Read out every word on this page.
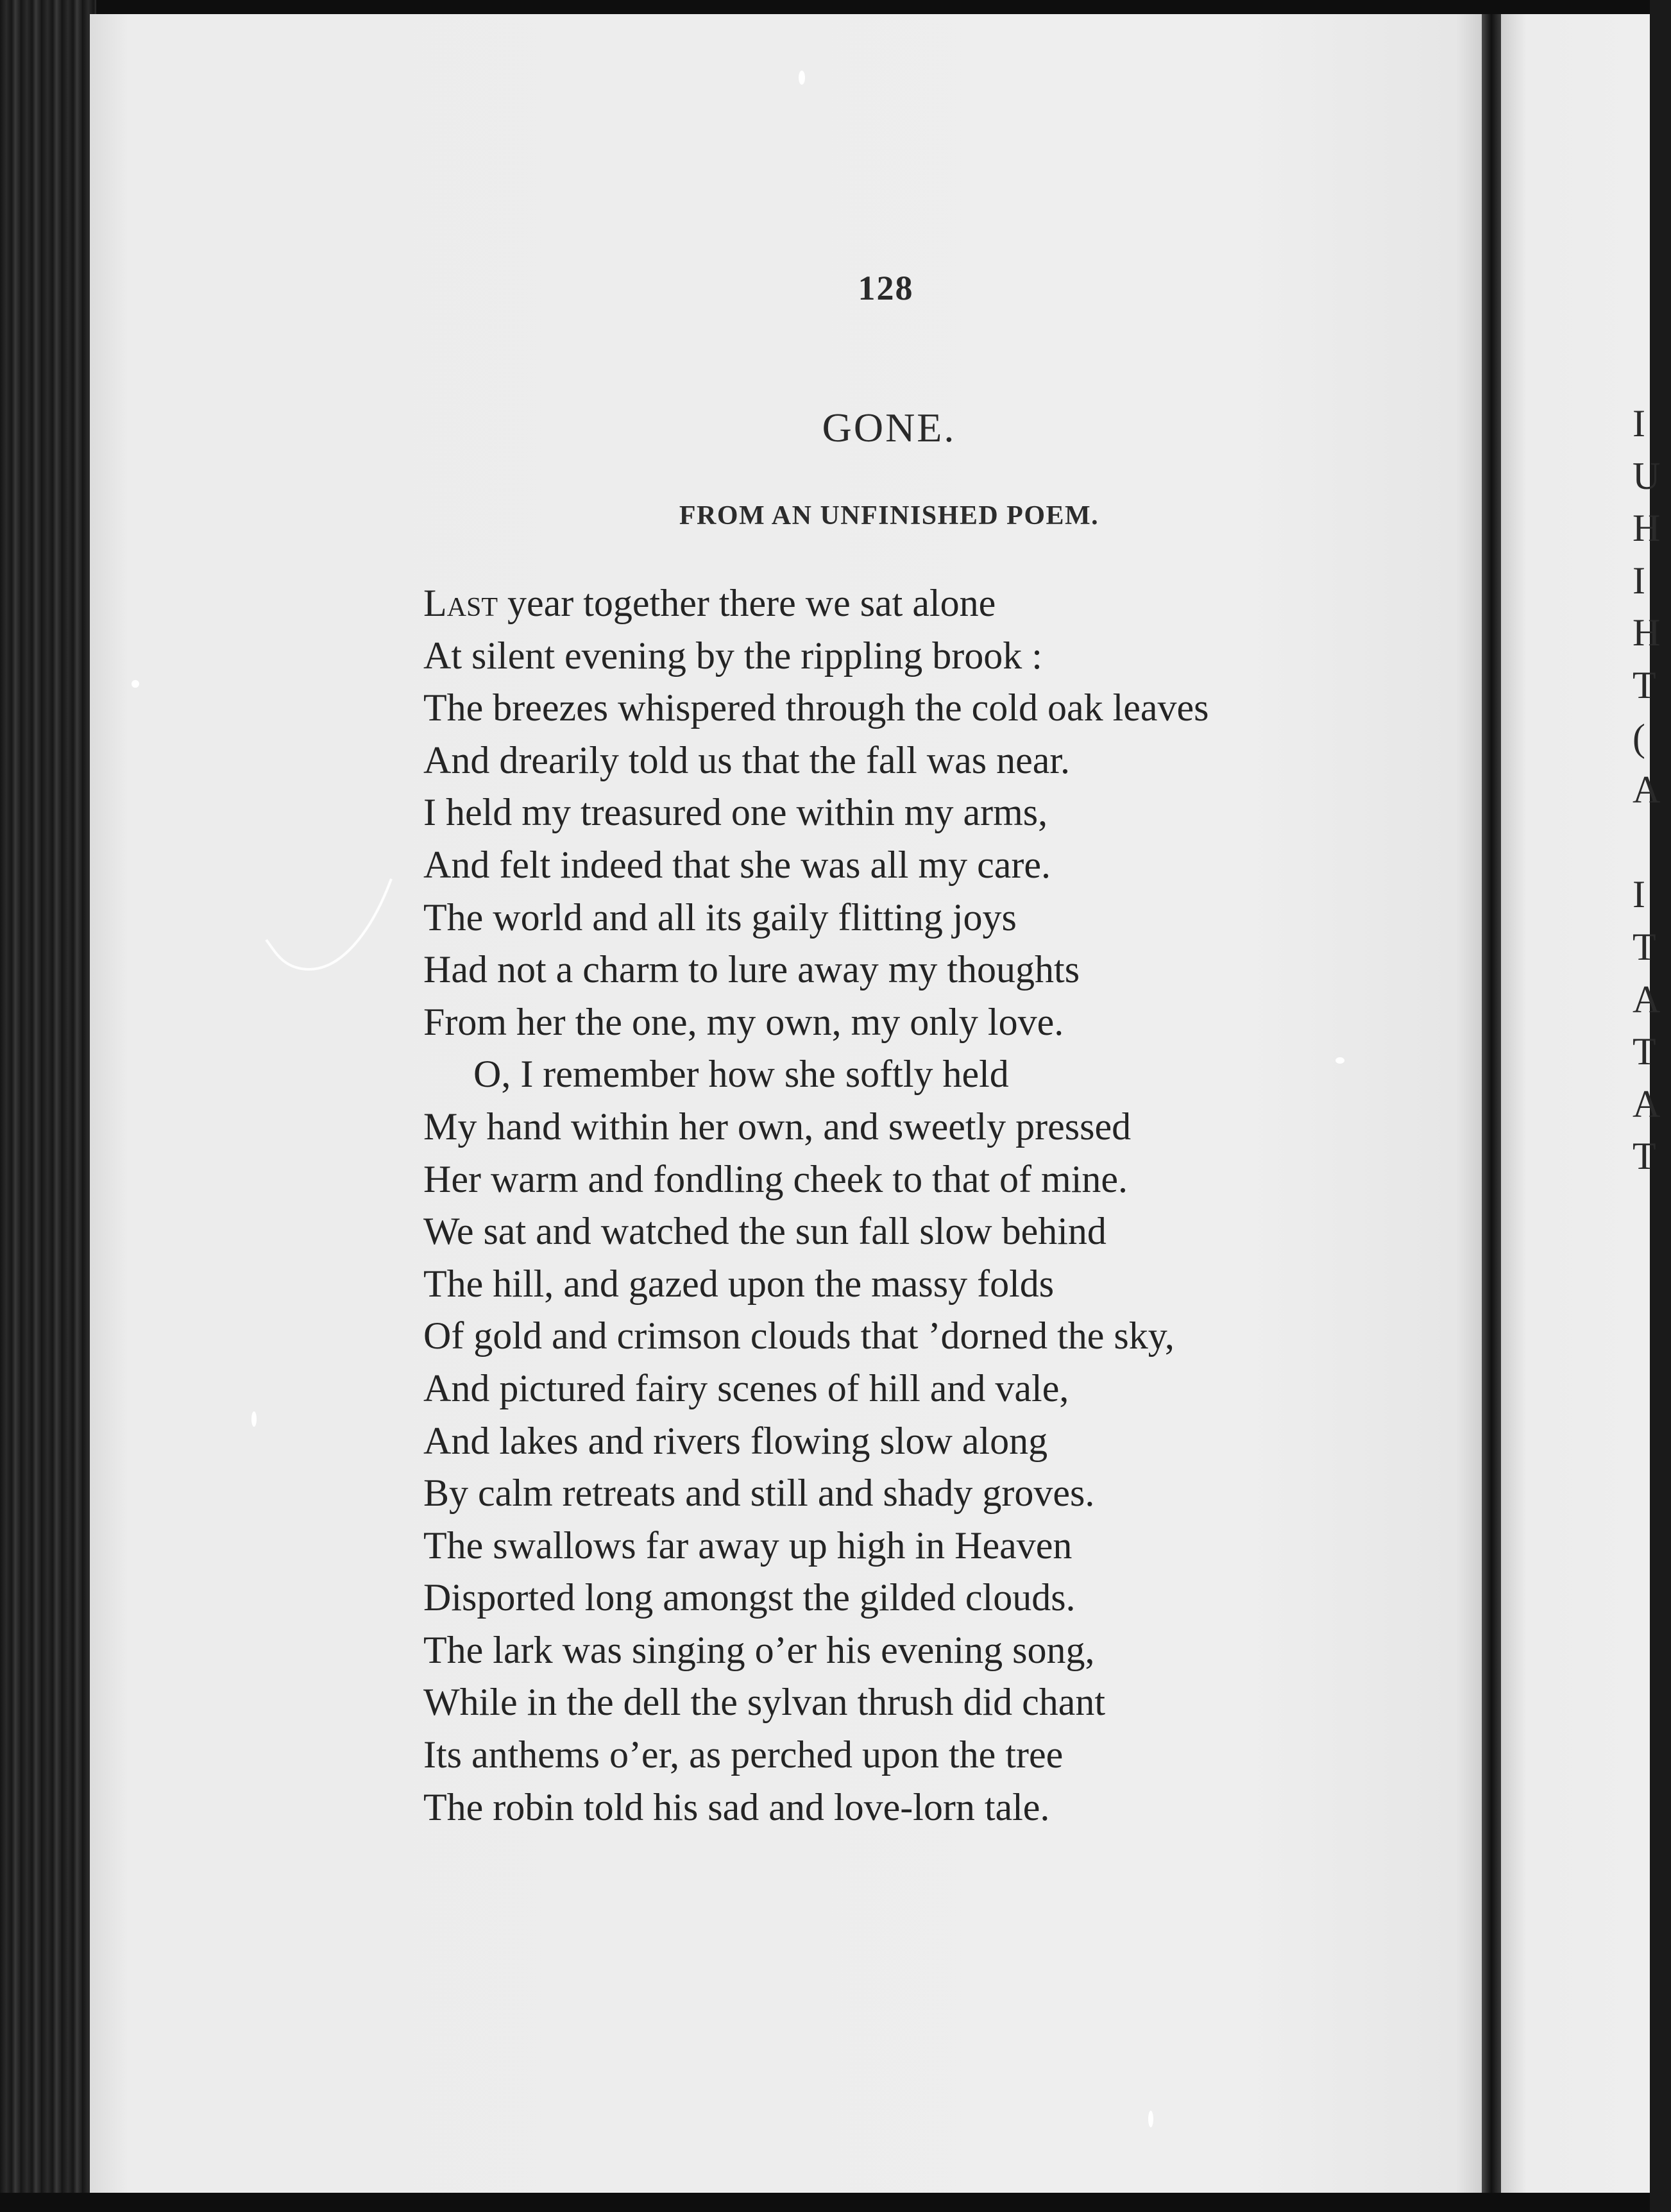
128
GONE.
FROM AN UNFINISHED POEM.
Last year together there we sat alone
At silent evening by the rippling brook :
The breezes whispered through the cold oak leaves
And drearily told us that the fall was near.
I held my treasured one within my arms,
And felt indeed that she was all my care.
The world and all its gaily flitting joys
Had not a charm to lure away my thoughts
From her the one, my own, my only love.
O, I remember how she softly held
My hand within her own, and sweetly pressed
Her warm and fondling cheek to that of mine.
We sat and watched the sun fall slow behind
The hill, and gazed upon the massy folds
Of gold and crimson clouds that ’dorned the sky,
And pictured fairy scenes of hill and vale,
And lakes and rivers flowing slow along
By calm retreats and still and shady groves.
The swallows far away up high in Heaven
Disported long amongst the gilded clouds.
The lark was singing o’er his evening song,
While in the dell the sylvan thrush did chant
Its anthems o’er, as perched upon the tree
The robin told his sad and love-lorn tale.
I
U
H
I
H
T
(
A
I
T
A
T
A
T
